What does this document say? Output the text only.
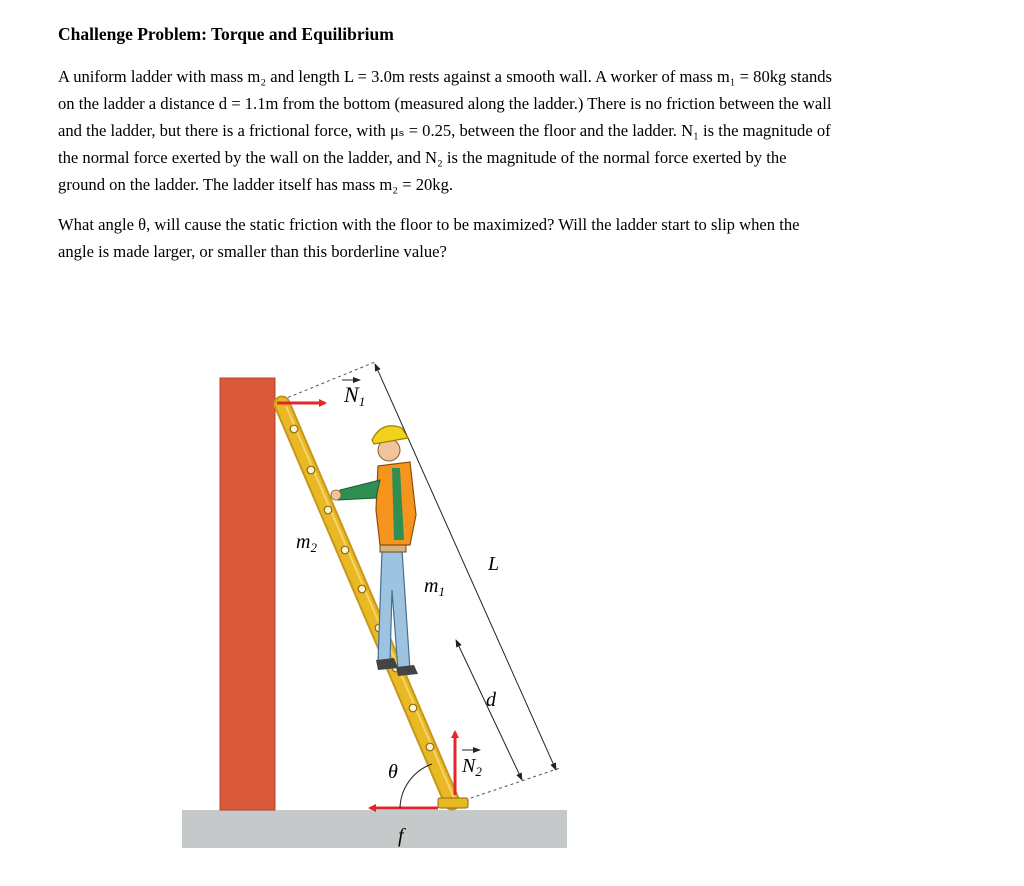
Challenge Problem: Torque and Equilibrium

A uniform ladder with mass m₂ and length L = 3.0m rests against a smooth wall. A worker of mass m₁ = 80kg stands
on the ladder a distance d = 1.1m from the bottom (measured along the ladder.) There is no friction between the wall
and the ladder, but there is a frictional force, with μₛ = 0.25, between the floor and the ladder. N₁ is the magnitude of
the normal force exerted by the wall on the ladder, and N₂ is the magnitude of the normal force exerted by the
ground on the ladder. The ladder itself has mass m₂ = 20kg.

What angle θ, will cause the static friction with the floor to be maximized? Will the ladder start to slip when the
angle is made larger, or smaller than this borderline value?

N1
$m_2$
$m_1$
L
d
θ	$N_2$
f
